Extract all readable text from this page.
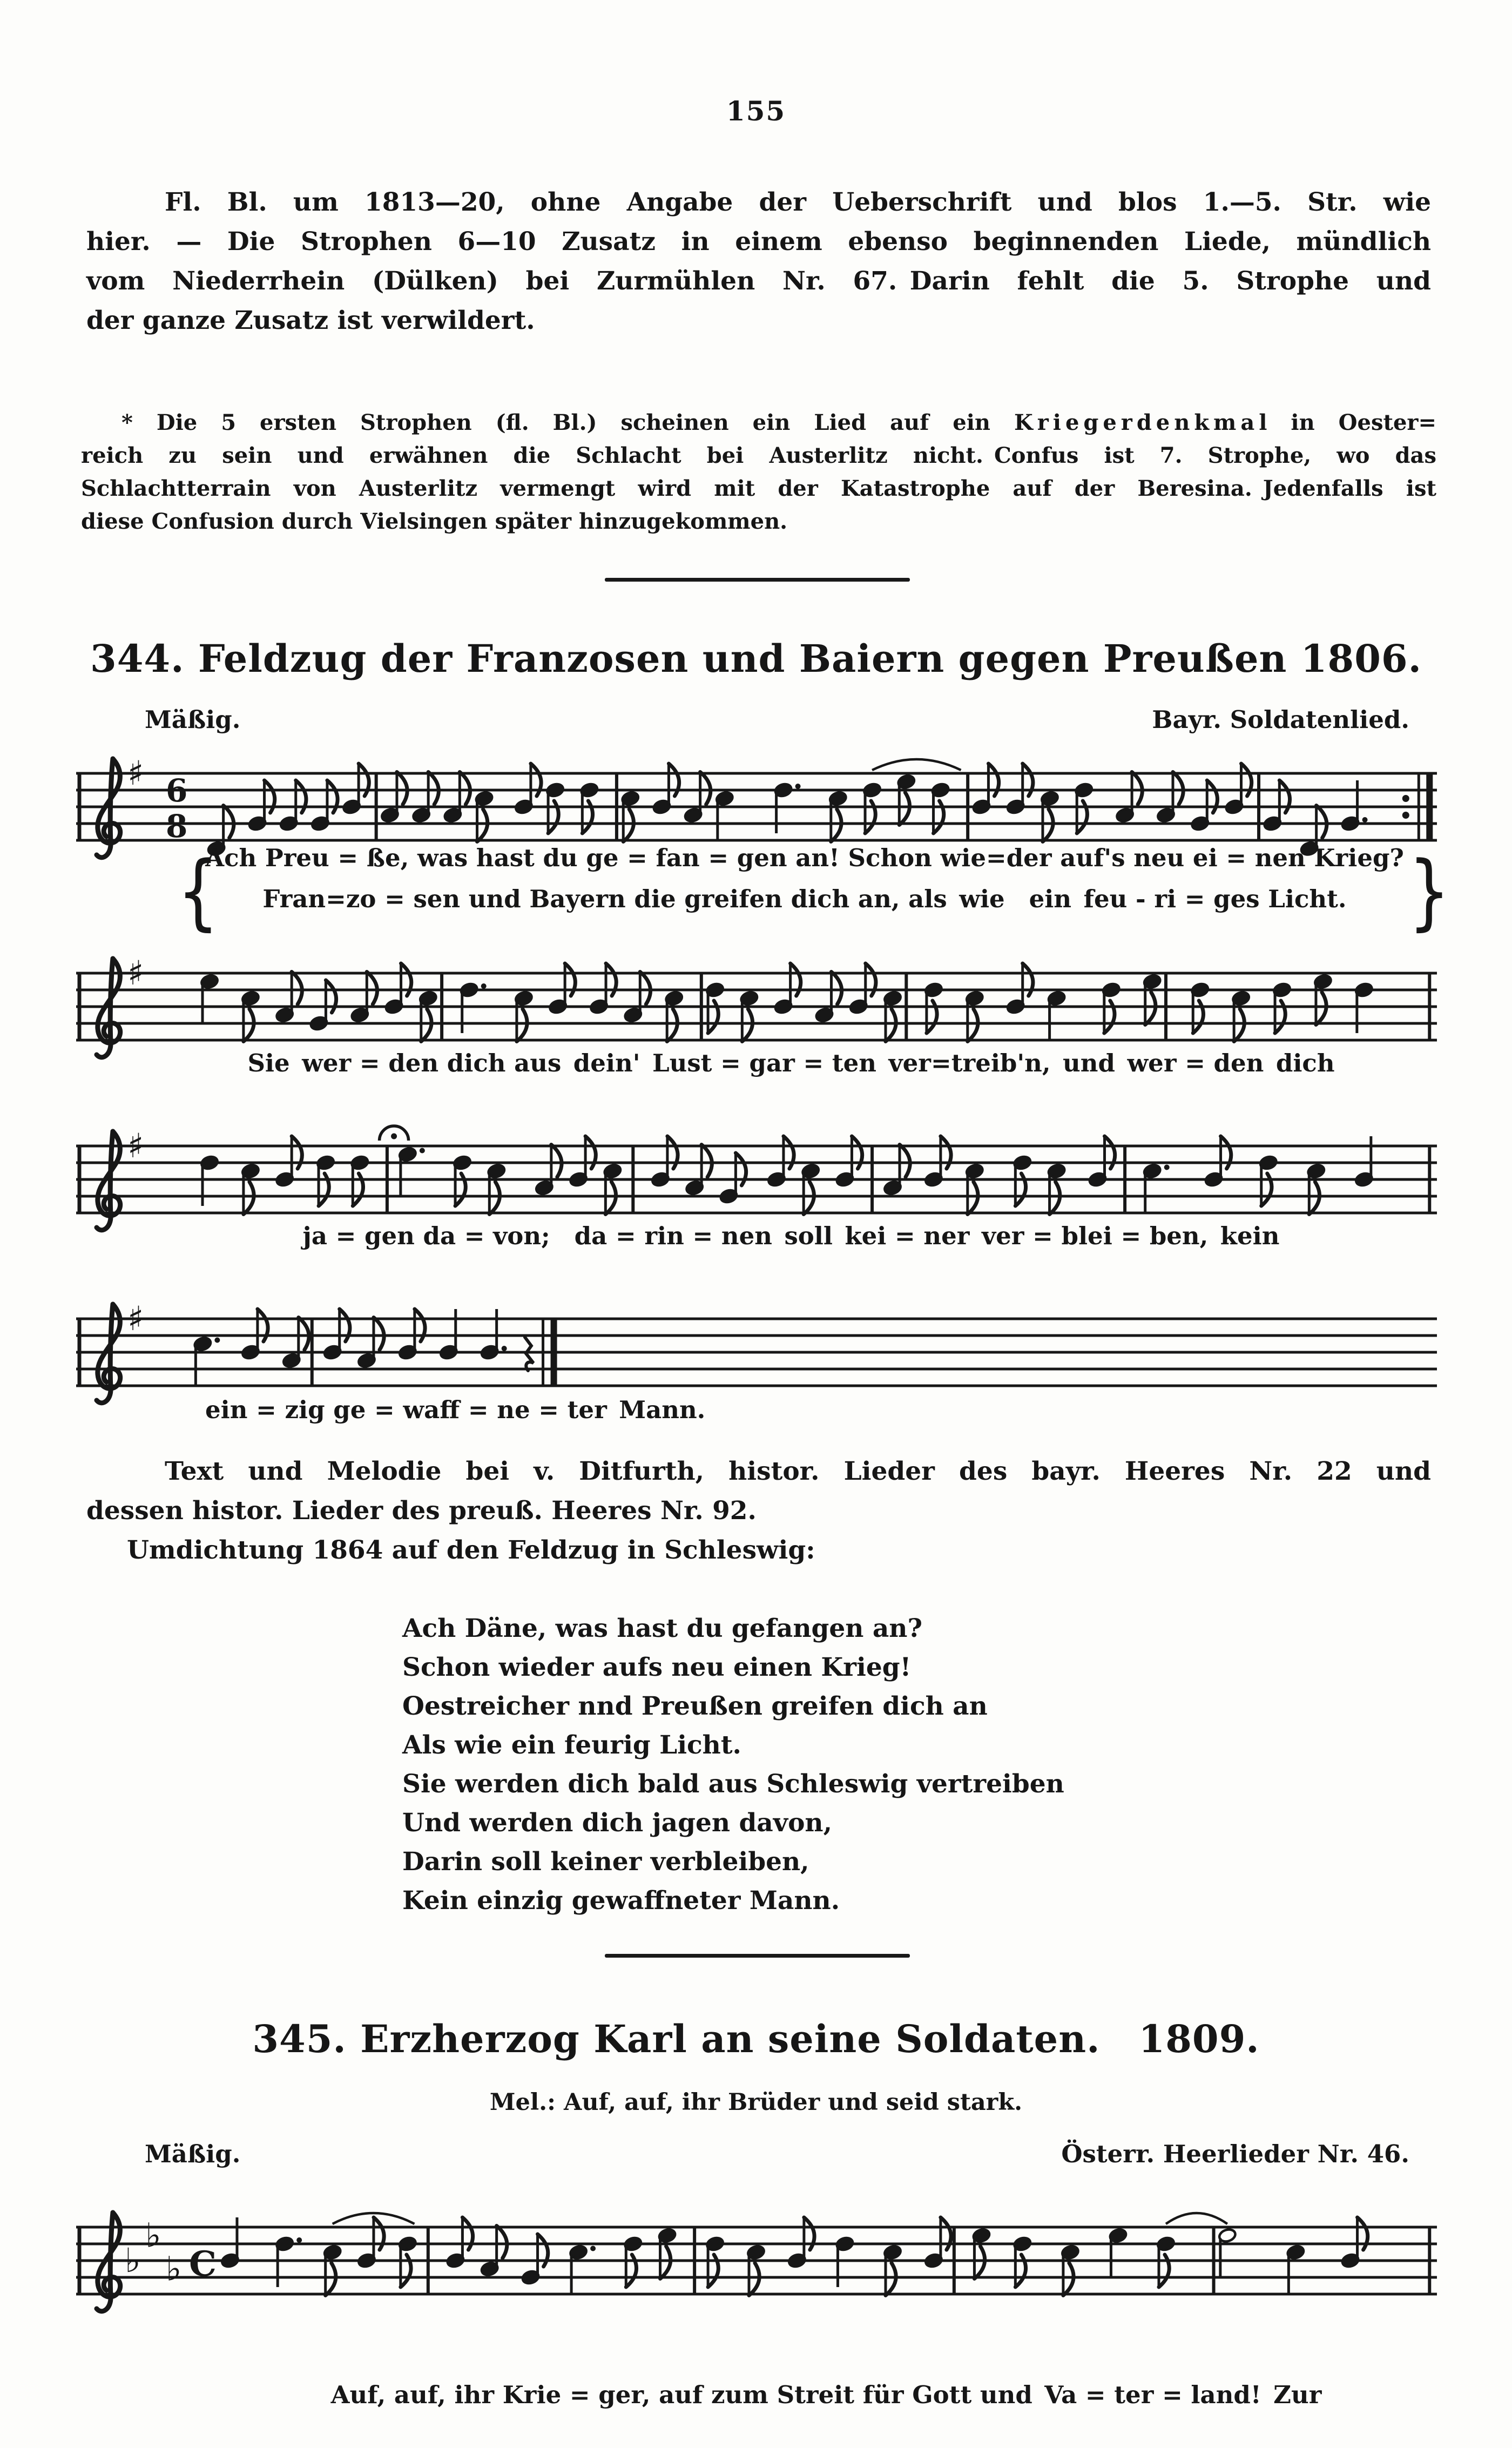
155
Fl. Bl. um 1813—20, ohne Angabe der Ueberschrift und blos 1.—5. Str. wie
hier. — Die Strophen 6—10 Zusatz in einem ebenso beginnenden Liede, mündlich
vom Niederrhein (Dülken) bei Zurmühlen Nr. 67. Darin fehlt die 5. Strophe und
der ganze Zusatz ist verwildert.
* Die 5 ersten Strophen (fl. Bl.) scheinen ein Lied auf ein K r i e g e r d e n k m a l in Oester=
reich zu sein und erwähnen die Schlacht bei Austerlitz nicht. Confus ist 7. Strophe, wo das
Schlachtterrain von Austerlitz vermengt wird mit der Katastrophe auf der Beresina. Jedenfalls ist
diese Confusion durch Vielsingen später hinzugekommen.
344. Feldzug der Franzosen und Baiern gegen Preußen 1806.
Mäßig.	Bayr. Soldatenlied.
♯ 6
8
{	}
Ach Preu = ße, was hast du ge = fan = gen an! Schon wie=der auf's neu ei = nen Krieg?
Fran=zo = sen und Bayern die greifen dich an, als wie  ein feu - ri = ges Licht.
♯
Sie wer = den dich aus dein' Lust = gar = ten ver=treib'n, und wer = den dich
♯
ja = gen da = von;  da = rin = nen soll kei = ner ver = blei = ben, kein
♯
ein = zig ge = waff = ne = ter Mann.
Text und Melodie bei v. Ditfurth, histor. Lieder des bayr. Heeres Nr. 22 und
dessen histor. Lieder des preuß. Heeres Nr. 92.
Umdichtung 1864 auf den Feldzug in Schleswig:
Ach Däne, was hast du gefangen an?
Schon wieder aufs neu einen Krieg!
Oestreicher nnd Preußen greifen dich an
Als wie ein feurig Licht.
Sie werden dich bald aus Schleswig vertreiben
Und werden dich jagen davon,
Darin soll keiner verbleiben,
Kein einzig gewaffneter Mann.
345. Erzherzog Karl an seine Soldaten. 1809.
Mel.: Auf, auf, ihr Brüder und seid stark.
Mäßig.	Österr. Heerlieder Nr. 46.
♭
♭
♭ C
Auf, auf, ihr Krie = ger, auf zum Streit für Gott und Va = ter = land! Zur
